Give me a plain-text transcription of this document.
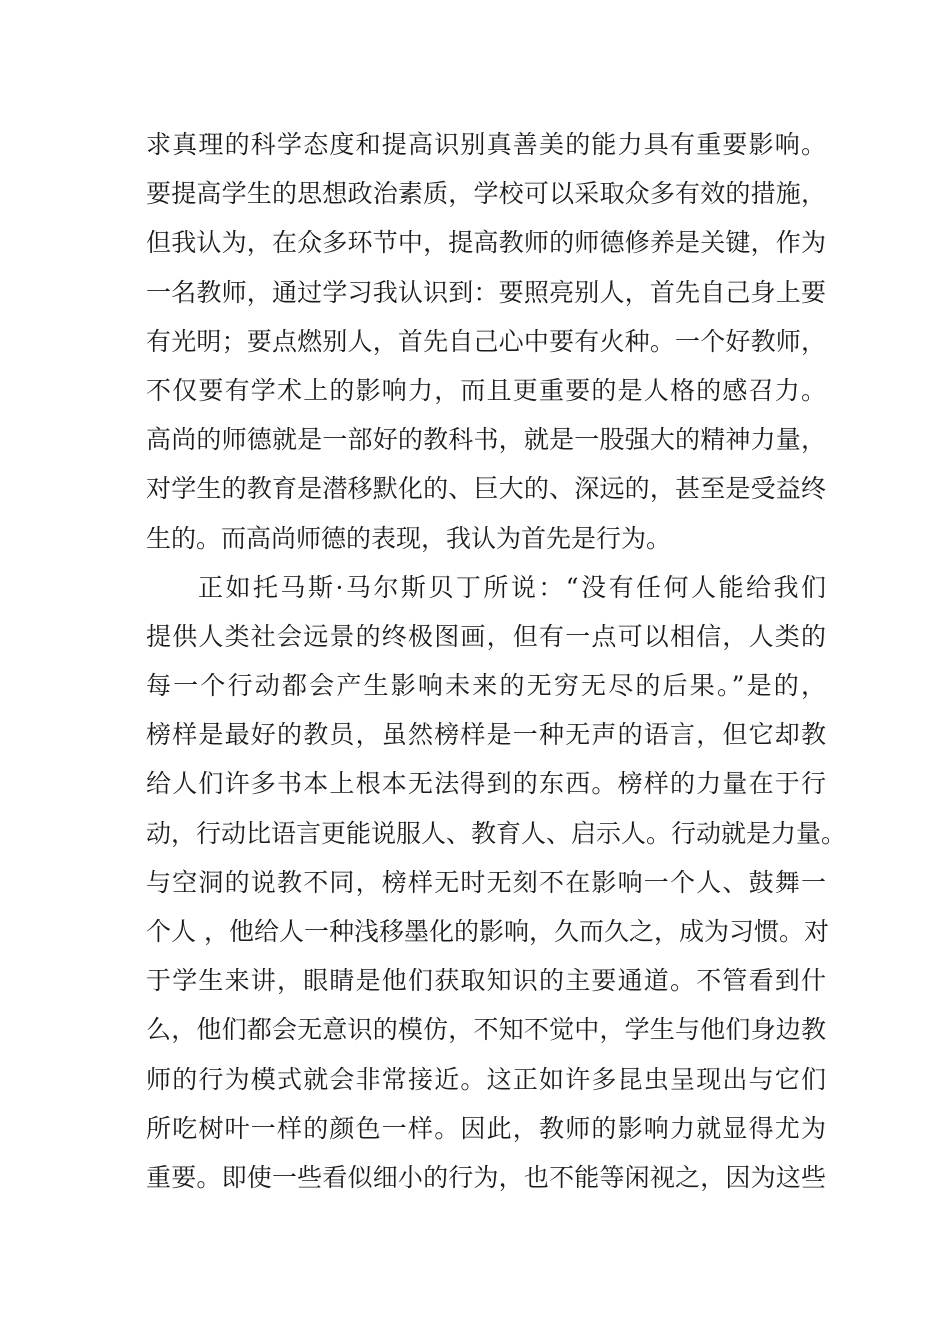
求真理的科学态度和提高识别真善美的能力具有重要影响。
要提高学生的思想政治素质，学校可以采取众多有效的措施，
但我认为，在众多环节中，提高教师的师德修养是关键，作为
一名教师，通过学习我认识到：要照亮别人，首先自己身上要
有光明；要点燃别人，首先自己心中要有火种。一个好教师，
不仅要有学术上的影响力，而且更重要的是人格的感召力。
高尚的师德就是一部好的教科书，就是一股强大的精神力量，
对学生的教育是潜移默化的、巨大的、深远的，甚至是受益终
生的。而高尚师德的表现，我认为首先是行为。
正如托马斯·马尔斯贝丁所说：“没有任何人能给我们
提供人类社会远景的终极图画，但有一点可以相信，人类的
每一个行动都会产生影响未来的无穷无尽的后果。”是的，
榜样是最好的教员，虽然榜样是一种无声的语言，但它却教
给人们许多书本上根本无法得到的东西。榜样的力量在于行
动，行动比语言更能说服人、教育人、启示人。行动就是力量。
与空洞的说教不同，榜样无时无刻不在影响一个人、鼓舞一
个人 ，他给人一种浅移墨化的影响，久而久之，成为习惯。对
于学生来讲，眼睛是他们获取知识的主要通道。不管看到什
么，他们都会无意识的模仿，不知不觉中，学生与他们身边教
师的行为模式就会非常接近。这正如许多昆虫呈现出与它们
所吃树叶一样的颜色一样。因此，教师的影响力就显得尤为
重要。即使一些看似细小的行为，也不能等闲视之，因为这些
